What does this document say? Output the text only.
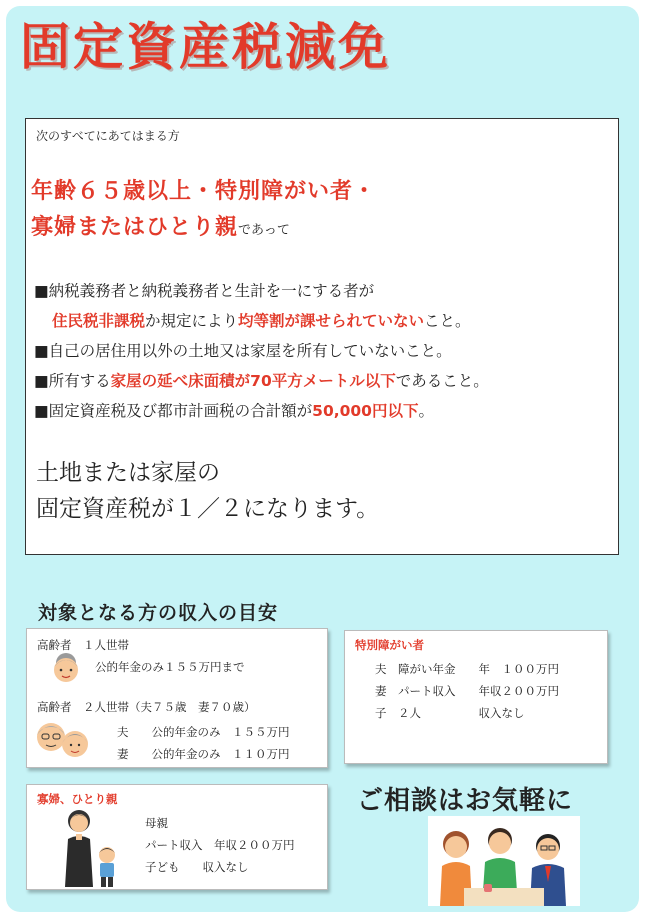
固定資産税減免
次のすべてにあてはまる方
年齢６５歳以上・特別障がい者・
寡婦またはひとり親であって
■納税義務者と納税義務者と生計を一にする者が
住民税非課税か規定により均等割が課せられていないこと。
■自己の居住用以外の土地又は家屋を所有していないこと。
■所有する家屋の延べ床面積が70平方メートル以下であること。
■固定資産税及び都市計画税の合計額が50,000円以下。
土地または家屋の
固定資産税が１／２になります。
対象となる方の収入の目安
高齢者　１人世帯
公的年金のみ１５５万円まで
高齢者　２人世帯（夫７５歳　妻７０歳）
夫　　公的年金のみ　１５５万円
妻　　公的年金のみ　１１０万円
特別障がい者
夫　障がい年金　　年　１００万円
妻　パート収入　　年収２００万円
子　２人　　　　　収入なし
寡婦、ひとり親
母親
パート収入　年収２００万円
子ども　　収入なし
ご相談はお気軽に
